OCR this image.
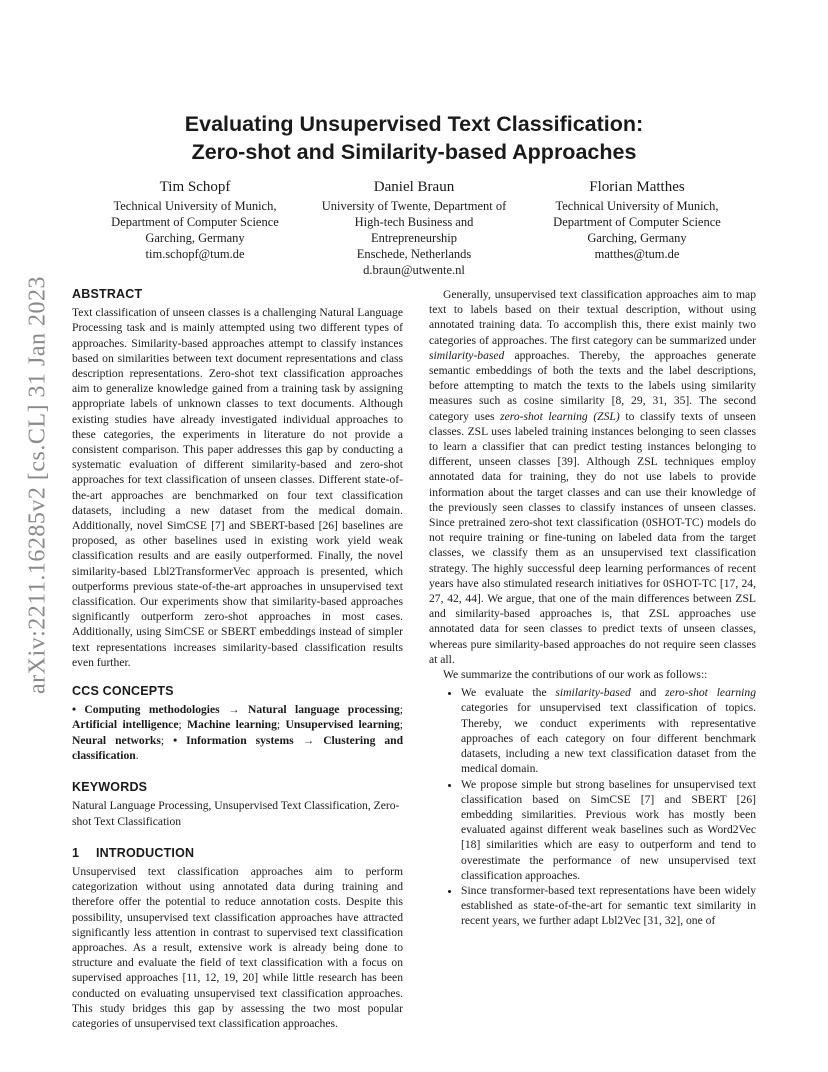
arXiv:2211.16285v2 [cs.CL] 31 Jan 2023
Evaluating Unsupervised Text Classification:
Zero-shot and Similarity-based Approaches
Tim Schopf
Technical University of Munich,
Department of Computer Science
Garching, Germany
tim.schopf@tum.de
Daniel Braun
University of Twente, Department of
High-tech Business and
Entrepreneurship
Enschede, Netherlands
d.braun@utwente.nl
Florian Matthes
Technical University of Munich,
Department of Computer Science
Garching, Germany
matthes@tum.de
ABSTRACT

Text classification of unseen classes is a challenging Natural Language Processing task and is mainly attempted using two different types of approaches. Similarity-based approaches attempt to classify instances based on similarities between text document representations and class description representations. Zero-shot text classification approaches aim to generalize knowledge gained from a training task by assigning appropriate labels of unknown classes to text documents. Although existing studies have already investigated individual approaches to these categories, the experiments in literature do not provide a consistent comparison. This paper addresses this gap by conducting a systematic evaluation of different similarity-based and zero-shot approaches for text classification of unseen classes. Different state-of-the-art approaches are benchmarked on four text classification datasets, including a new dataset from the medical domain. Additionally, novel SimCSE [7] and SBERT-based [26] baselines are proposed, as other baselines used in existing work yield weak classification results and are easily outperformed. Finally, the novel similarity-based Lbl2TransformerVec approach is presented, which outperforms previous state-of-the-art approaches in unsupervised text classification. Our experiments show that similarity-based approaches significantly outperform zero-shot approaches in most cases. Additionally, using SimCSE or SBERT embeddings instead of simpler text representations increases similarity-based classification results even further.

CCS CONCEPTS

• Computing methodologies → Natural language processing; Artificial intelligence; Machine learning; Unsupervised learning; Neural networks; • Information systems → Clustering and classification.

KEYWORDS

Natural Language Processing, Unsupervised Text Classification, Zero-shot Text Classification

1 INTRODUCTION

Unsupervised text classification approaches aim to perform categorization without using annotated data during training and therefore offer the potential to reduce annotation costs. Despite this possibility, unsupervised text classification approaches have attracted significantly less attention in contrast to supervised text classification approaches. As a result, extensive work is already being done to structure and evaluate the field of text classification with a focus on supervised approaches [11, 12, 19, 20] while little research has been conducted on evaluating unsupervised text classification approaches. This study bridges this gap by assessing the two most popular categories of unsupervised text classification approaches.

Generally, unsupervised text classification approaches aim to map text to labels based on their textual description, without using annotated training data. To accomplish this, there exist mainly two categories of approaches. The first category can be summarized under similarity-based approaches. Thereby, the approaches generate semantic embeddings of both the texts and the label descriptions, before attempting to match the texts to the labels using similarity measures such as cosine similarity [8, 29, 31, 35]. The second category uses zero-shot learning (ZSL) to classify texts of unseen classes. ZSL uses labeled training instances belonging to seen classes to learn a classifier that can predict testing instances belonging to different, unseen classes [39]. Although ZSL techniques employ annotated data for training, they do not use labels to provide information about the target classes and can use their knowledge of the previously seen classes to classify instances of unseen classes. Since pretrained zero-shot text classification (0SHOT-TC) models do not require training or fine-tuning on labeled data from the target classes, we classify them as an unsupervised text classification strategy. The highly successful deep learning performances of recent years have also stimulated research initiatives for 0SHOT-TC [17, 24, 27, 42, 44]. We argue, that one of the main differences between ZSL and similarity-based approaches is, that ZSL approaches use annotated data for seen classes to predict texts of unseen classes, whereas pure similarity-based approaches do not require seen classes at all.

We summarize the contributions of our work as follows::

• We evaluate the similarity-based and zero-shot learning categories for unsupervised text classification of topics. Thereby, we conduct experiments with representative approaches of each category on four different benchmark datasets, including a new text classification dataset from the medical domain.
• We propose simple but strong baselines for unsupervised text classification based on SimCSE [7] and SBERT [26] embedding similarities. Previous work has mostly been evaluated against different weak baselines such as Word2Vec [18] similarities which are easy to outperform and tend to overestimate the performance of new unsupervised text classification approaches.
• Since transformer-based text representations have been widely established as state-of-the-art for semantic text similarity in recent years, we further adapt Lbl2Vec [31, 32], one of
